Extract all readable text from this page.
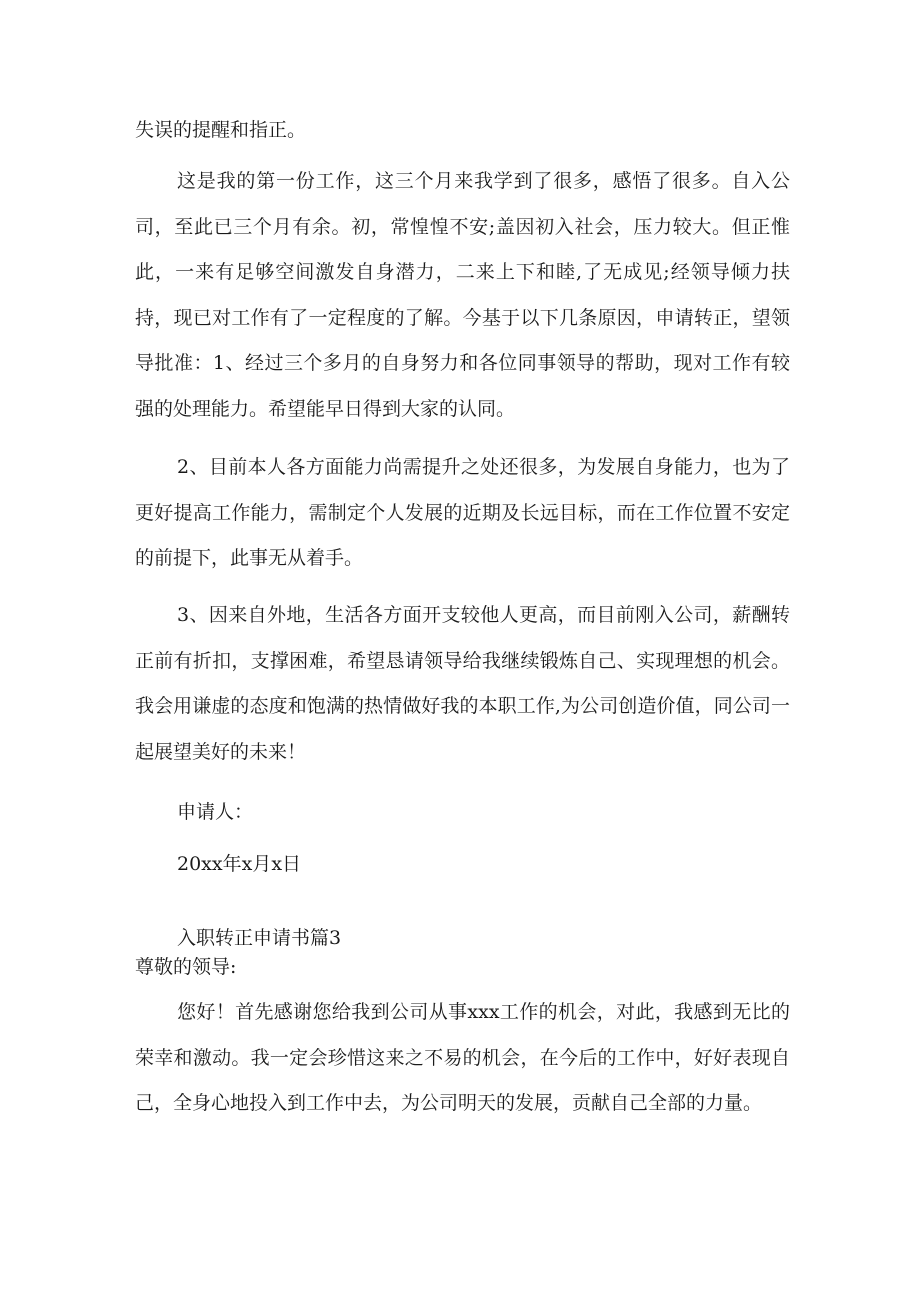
失误的提醒和指正。

这是我的第一份工作，这三个月来我学到了很多，感悟了很多。自入公司，至此已三个月有余。初，常惶惶不安;盖因初入社会，压力较大。但正惟此，一来有足够空间激发自身潜力，二来上下和睦,了无成见;经领导倾力扶持，现已对工作有了一定程度的了解。今基于以下几条原因，申请转正，望领导批准：1、经过三个多月的自身努力和各位同事领导的帮助，现对工作有较强的处理能力。希望能早日得到大家的认同。

2、目前本人各方面能力尚需提升之处还很多，为发展自身能力，也为了更好提高工作能力，需制定个人发展的近期及长远目标，而在工作位置不安定的前提下，此事无从着手。

3、因来自外地，生活各方面开支较他人更高，而目前刚入公司，薪酬转正前有折扣，支撑困难，希望恳请领导给我继续锻炼自己、实现理想的机会。我会用谦虚的态度和饱满的热情做好我的本职工作,为公司创造价值，同公司一起展望美好的未来！

申请人：

20xx年x月x日

入职转正申请书篇3

尊敬的领导:

您好！首先感谢您给我到公司从事xxx工作的机会，对此，我感到无比的荣幸和激动。我一定会珍惜这来之不易的机会，在今后的工作中，好好表现自己，全身心地投入到工作中去，为公司明天的发展，贡献自己全部的力量。
